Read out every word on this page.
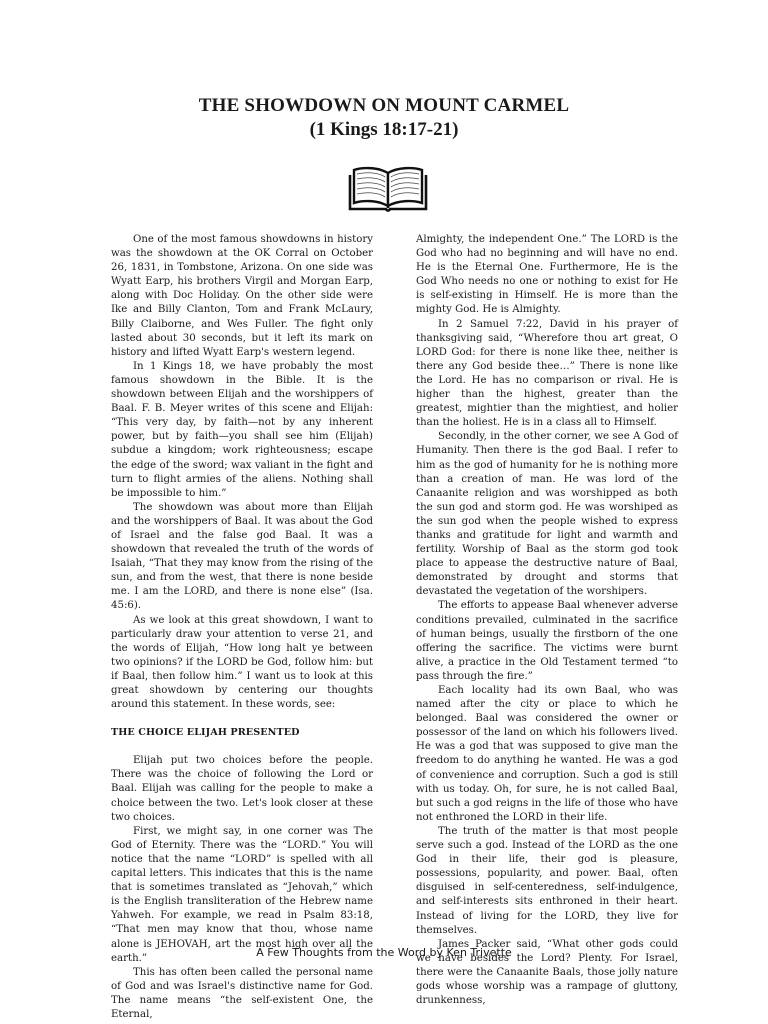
THE SHOWDOWN ON MOUNT CARMEL
(1 Kings 18:17-21)

One of the most famous showdowns in history was the showdown at the OK Corral on October 26, 1831, in Tombstone, Arizona. On one side was Wyatt Earp, his brothers Virgil and Morgan Earp, along with Doc Holiday. On the other side were Ike and Billy Clanton, Tom and Frank McLaury, Billy Claiborne, and Wes Fuller. The fight only lasted about 30 seconds, but it left its mark on history and lifted Wyatt Earp's western legend.

In 1 Kings 18, we have probably the most famous showdown in the Bible. It is the showdown between Elijah and the worshippers of Baal. F. B. Meyer writes of this scene and Elijah: “This very day, by faith—not by any inherent power, but by faith—you shall see him (Elijah) subdue a kingdom; work righteousness; escape the edge of the sword; wax valiant in the fight and turn to flight armies of the aliens. Nothing shall be impossible to him.”

The showdown was about more than Elijah and the worshippers of Baal. It was about the God of Israel and the false god Baal. It was a showdown that revealed the truth of the words of Isaiah, “That they may know from the rising of the sun, and from the west, that there is none beside me. I am the LORD, and there is none else” (Isa. 45:6).

As we look at this great showdown, I want to particularly draw your attention to verse 21, and the words of Elijah, “How long halt ye between two opinions? if the LORD be God, follow him: but if Baal, then follow him.” I want us to look at this great showdown by centering our thoughts around this statement. In these words, see:

THE CHOICE ELIJAH PRESENTED

Elijah put two choices before the people. There was the choice of following the Lord or Baal. Elijah was calling for the people to make a choice between the two. Let's look closer at these two choices.

First, we might say, in one corner was The God of Eternity. There was the “LORD.” You will notice that the name “LORD” is spelled with all capital letters. This indicates that this is the name that is sometimes translated as “Jehovah,” which is the English transliteration of the Hebrew name Yahweh. For example, we read in Psalm 83:18, “That men may know that thou, whose name alone is JEHOVAH, art the most high over all the earth.”

This has often been called the personal name of God and was Israel's distinctive name for God. The name means “the self-existent One, the Eternal,

Almighty, the independent One.” The LORD is the God who had no beginning and will have no end. He is the Eternal One. Furthermore, He is the God Who needs no one or nothing to exist for He is self-existing in Himself. He is more than the mighty God. He is Almighty.

In 2 Samuel 7:22, David in his prayer of thanksgiving said, “Wherefore thou art great, O LORD God: for there is none like thee, neither is there any God beside thee…” There is none like the Lord. He has no comparison or rival. He is higher than the highest, greater than the greatest, mightier than the mightiest, and holier than the holiest. He is in a class all to Himself.

Secondly, in the other corner, we see A God of Humanity. Then there is the god Baal. I refer to him as the god of humanity for he is nothing more than a creation of man. He was lord of the Canaanite religion and was worshipped as both the sun god and storm god. He was worshiped as the sun god when the people wished to express thanks and gratitude for light and warmth and fertility. Worship of Baal as the storm god took place to appease the destructive nature of Baal, demonstrated by drought and storms that devastated the vegetation of the worshipers.

The efforts to appease Baal whenever adverse conditions prevailed, culminated in the sacrifice of human beings, usually the firstborn of the one offering the sacrifice. The victims were burnt alive, a practice in the Old Testament termed “to pass through the fire.”

Each locality had its own Baal, who was named after the city or place to which he belonged. Baal was considered the owner or possessor of the land on which his followers lived. He was a god that was supposed to give man the freedom to do anything he wanted. He was a god of convenience and corruption. Such a god is still with us today. Oh, for sure, he is not called Baal, but such a god reigns in the life of those who have not enthroned the LORD in their life.

The truth of the matter is that most people serve such a god. Instead of the LORD as the one God in their life, their god is pleasure, possessions, popularity, and power. Baal, often disguised in self-centeredness, self-indulgence, and self-interests sits enthroned in their heart. Instead of living for the LORD, they live for themselves.

James Packer said, “What other gods could we have besides the Lord? Plenty. For Israel, there were the Canaanite Baals, those jolly nature gods whose worship was a rampage of gluttony, drunkenness,

A Few Thoughts from the Word by Ken Trivette
